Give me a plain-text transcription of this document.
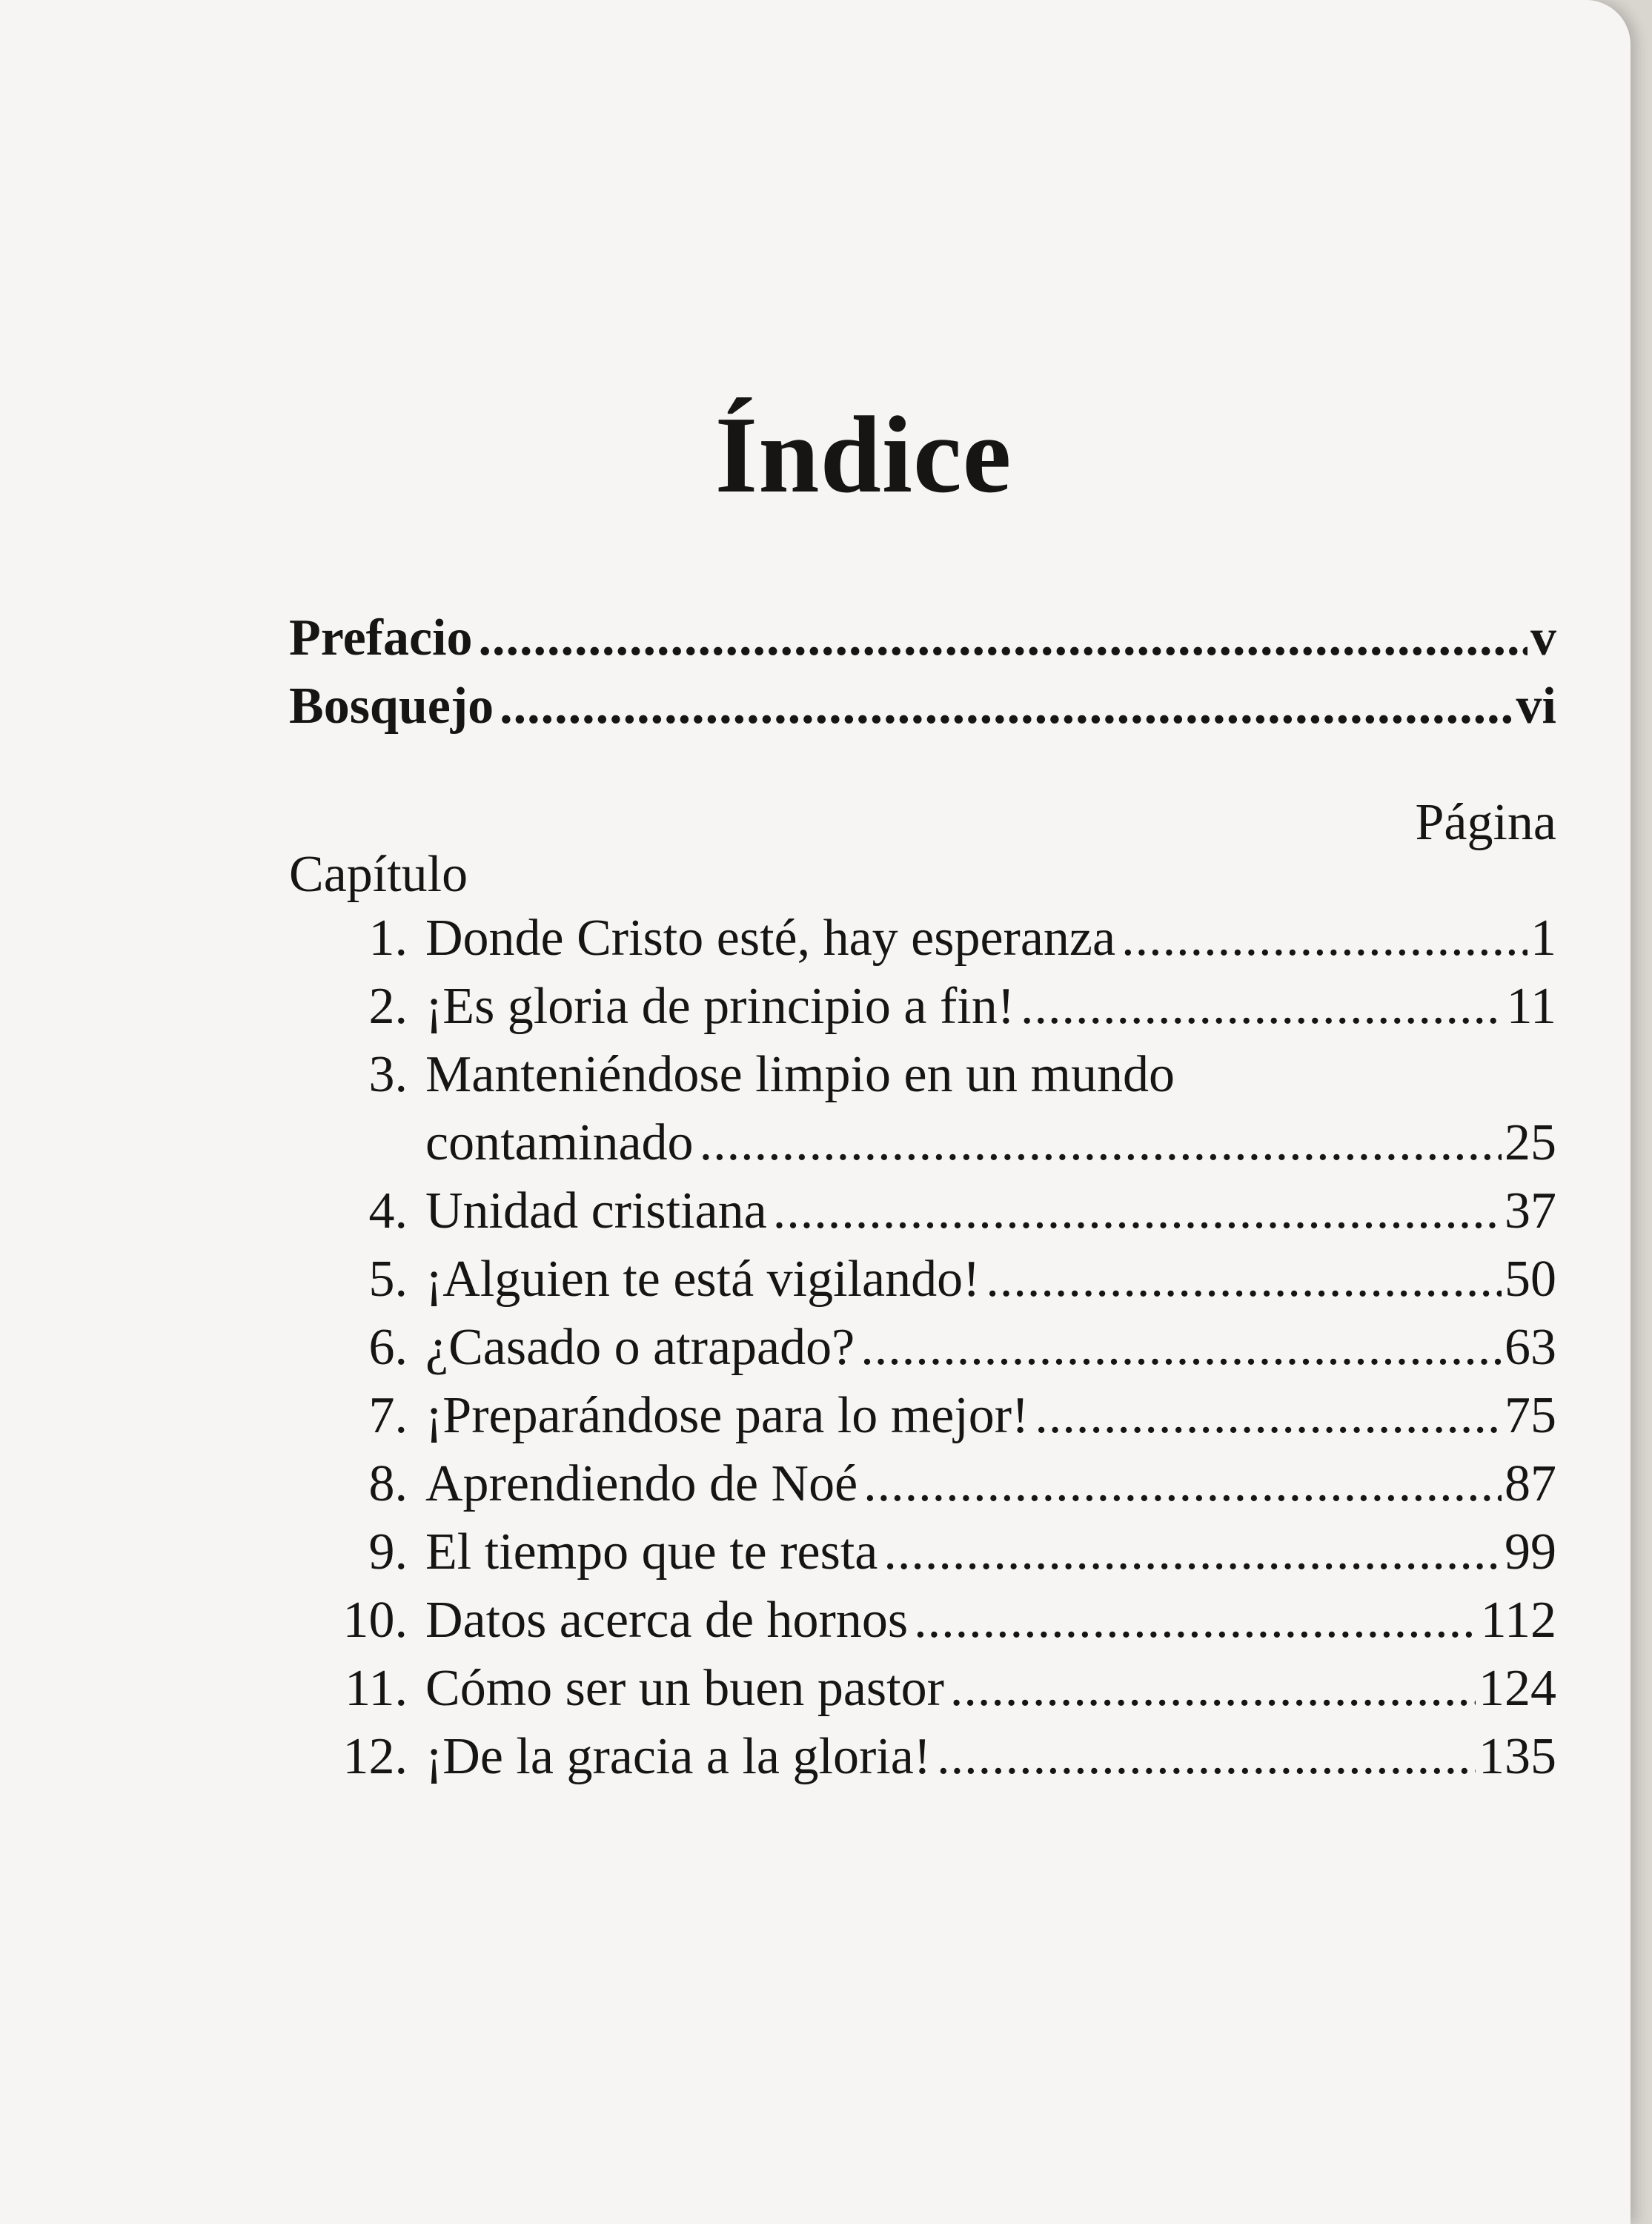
Índice
Prefacio .....	v
Bosquejo .....	vi
Capítulo
Página
1. Donde Cristo esté, hay esperanza .....	1
2. ¡Es gloria de principio a fin! .....	11
3. Manteniéndose limpio en un mundo
contaminado .....	25
4. Unidad cristiana .....	37
5. ¡Alguien te está vigilando! .....	50
6. ¿Casado o atrapado? .....	63
7. ¡Preparándose para lo mejor! .....	75
8. Aprendiendo de Noé .....	87
9. El tiempo que te resta .....	99
10. Datos acerca de hornos .....	112
11. Cómo ser un buen pastor .....	124
12. ¡De la gracia a la gloria! .....	135
